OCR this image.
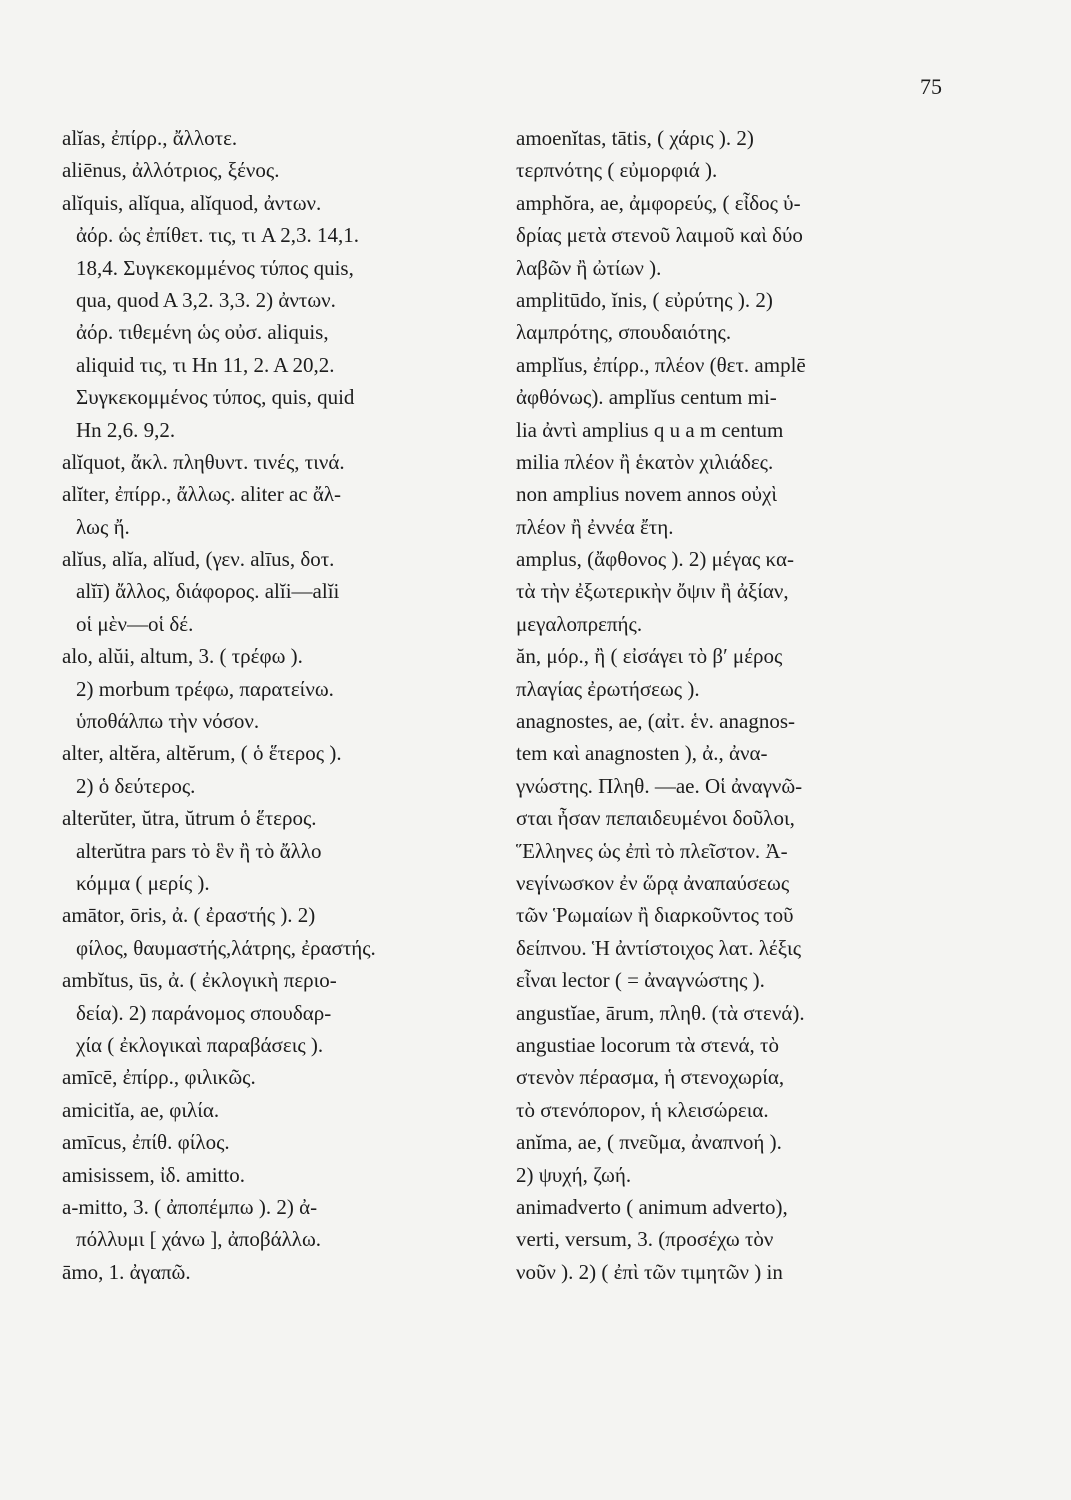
75
alĭas, ἐπίρρ., ἄλλοτε.
aliēnus, ἀλλότριος, ξένος.
alĭquis, alĭqua, alĭquod, ἀντων.
ἀόρ. ὡς ἐπίθετ. τις, τι A 2,3. 14,1.
18,4. Συγκεκομμένος τύπος quis,
qua, quod A 3,2. 3,3. 2) ἀντων.
ἀόρ. τιθεμένη ὡς οὐσ. aliquis,
aliquid τις, τι Hn 11, 2. A 20,2.
Συγκεκομμένος τύπος, quis, quid
Hn 2,6. 9,2.
alĭquot, ἄκλ. πληθυντ. τινές, τινά.
alĭter, ἐπίρρ., ἄλλως. aliter ac ἄλ-
λως ἤ.
alĭus, alĭa, alĭud, (γεν. alīus, δοτ.
alĭī) ἄλλος, διάφορος. alĭi—alĭi
οἱ μὲν—οἱ δέ.
alo, alŭi, altum, 3. ( τρέφω ).
2) morbum τρέφω, παρατείνω.
ὑποθάλπω τὴν νόσον.
alter, altĕra, altĕrum, ( ὁ ἕτερος ).
2) ὁ δεύτερος.
alterŭter, ŭtra, ŭtrum ὁ ἕτερος.
alterŭtra pars τὸ ἓν ἢ τὸ ἄλλο
κόμμα ( μερίς ).
amātor, ōris, ἀ. ( ἐραστής ). 2)
φίλος, θαυμαστής,λάτρης, ἐραστής.
ambĭtus, ūs, ἀ. ( ἐκλογικὴ περιο-
δεία). 2) παράνομος σπουδαρ-
χία ( ἐκλογικαὶ παραβάσεις ).
amīcē, ἐπίρρ., φιλικῶς.
amicitĭa, ae, φιλία.
amīcus, ἐπίθ. φίλος.
amisissem, ἰδ. amitto.
a-mitto, 3. ( ἀποπέμπω ). 2) ἀ-
πόλλυμι [ χάνω ], ἀποβάλλω.
āmo, 1. ἀγαπῶ.
amoenĭtas, tātis, ( χάρις ). 2)
τερπνότης ( εὐμορφιά ).
amphŏra, ae, ἀμφορεύς, ( εἶδος ὑ-
δρίας μετὰ στενοῦ λαιμοῦ καὶ δύο
λαβῶν ἢ ὠτίων ).
amplitūdo, ĭnis, ( εὐρύτης ). 2)
λαμπρότης, σπουδαιότης.
amplĭus, ἐπίρρ., πλέον (θετ. amplē
ἀφθόνως). amplĭus centum mi-
lia ἀντὶ amplius q u a m centum
milia πλέον ἢ ἑκατὸν χιλιάδες.
non amplius novem annos οὐχὶ
πλέον ἢ ἐννέα ἔτη.
amplus, (ἄφθονος ). 2) μέγας κα-
τὰ τὴν ἐξωτερικὴν ὄψιν ἢ ἀξίαν,
μεγαλοπρεπής.
ăn, μόρ., ἢ ( εἰσάγει τὸ β′ μέρος
πλαγίας ἐρωτήσεως ).
anagnostes, ae, (αἰτ. ἑν. anagnos-
tem καὶ anagnosten ), ἀ., ἀνα-
γνώστης. Πληθ. —ae. Οἱ ἀναγνῶ-
σται ἦσαν πεπαιδευμένοι δοῦλοι,
Ἕλληνες ὡς ἐπὶ τὸ πλεῖστον. Ἀ-
νεγίνωσκον ἐν ὥρᾳ ἀναπαύσεως
τῶν Ῥωμαίων ἢ διαρκοῦντος τοῦ
δείπνου. Ἡ ἀντίστοιχος λατ. λέξις
εἶναι lector ( = ἀναγνώστης ).
angustĭae, ārum, πληθ. (τὰ στενά).
angustiae locorum τὰ στενά, τὸ
στενὸν πέρασμα, ἡ στενοχωρία,
τὸ στενόπορον, ἡ κλεισώρεια.
anĭma, ae, ( πνεῦμα, ἀναπνοή ).
2) ψυχή, ζωή.
animadverto ( animum adverto),
verti, versum, 3. (προσέχω τὸν
νοῦν ). 2) ( ἐπὶ τῶν τιμητῶν ) in
